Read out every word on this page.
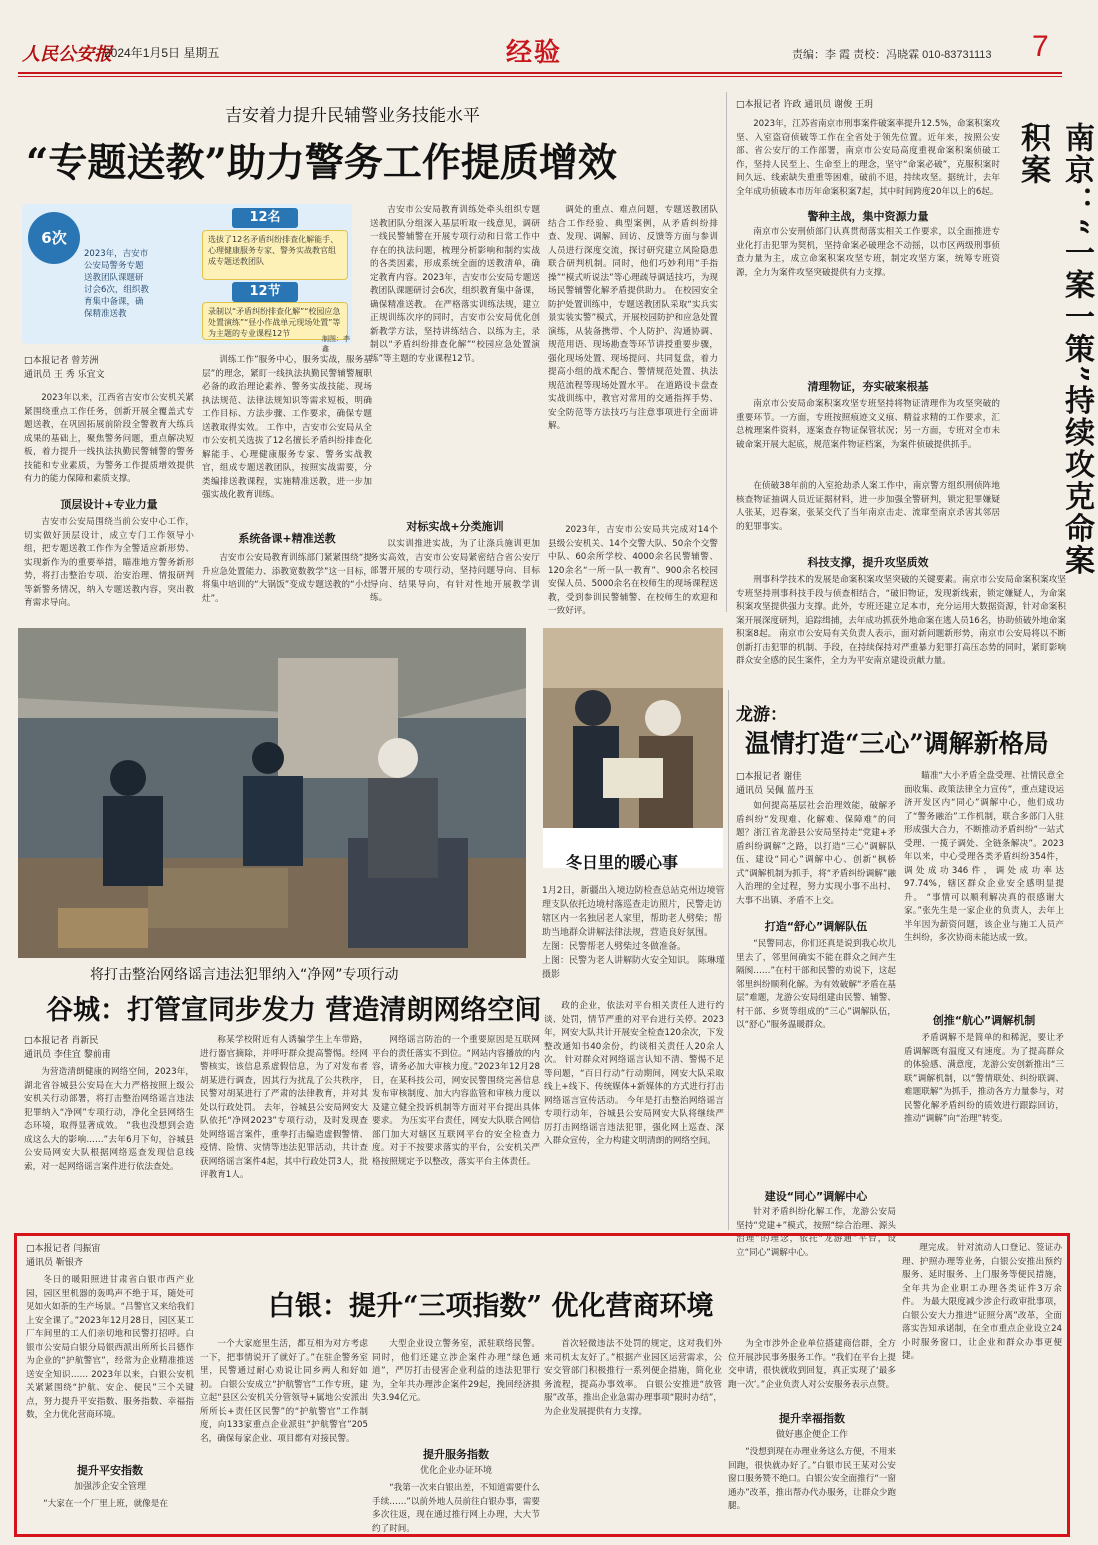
人民公安报
2024年1月5日 星期五	经验	责编：李 霞 责校：冯晓霖 010-83731113 7
吉安着力提升民辅警业务技能水平
“专题送教”助力警务工作提质增效
6次
2023年，吉安市公安局警务专题送教团队课题研讨会6次，组织教育集中备课，确保精准送教
12名
选拔了12名矛盾纠纷排查化解能手、心理健康服务专家、警务实战教官组成专题送教团队
12节
录制以“矛盾纠纷排查化解”“校园应急处置演练”“昼小作战单元现场处置”等为主题的专业课程12节
制图：李鑫
□本报记者 曾芳洲
通讯员 王 秀 乐宜文

2023年以来，江西省吉安市公安机关紧紧围绕重点工作任务，创新开展全覆盖式专题送教，在巩固拓展前阶段全警教育大练兵成果的基础上，聚焦警务问题，重点解决短板，着力提升一线执法执勤民警辅警的警务技能和专业素质，为警务工作提质增效提供有力的能力保障和素质支撑。

顶层设计+专业力量

吉安市公安局围绕当前公安中心工作，切实做好顶层设计，成立专门工作领导小组，把专题送教工作作为全警适应新形势、实现新作为的重要举措，瞄准地方警务新形势，将打击整治专项、治安治理、情报研判等新警务情况，纳入专题送教内容，突出教育需求导向。

训练工作”服务中心，服务实战，服务基层”的理念，紧盯一线执法执勤民警辅警履职必备的政治理论素养、警务实战技能、现场执法规范、法律法规知识等需求短板，明确工作目标、方法步骤、工作要求，确保专题送教取得实效。 工作中，吉安市公安局从全市公安机关选拔了12名擅长矛盾纠纷排查化解能手、心理健康服务专家、警务实战教官，组成专题送教团队，按照实战需要，分类编排送教课程，实施精准送教，进一步加强实战化教育训练。

系统备课+精准送教

吉安市公安局教育训练部门紧紧围绕“提升应急处置能力、添教宽数教学”这一目标，将集中培训的“大锅饭”变成专题送教的“小灶灶”。

吉安市公安局教育训练处牵头组织专题送教团队分组深入基层听取一线意见，调研一线民警辅警在开展专项行动和日常工作中存在的执法问题，梳理分析影响和制约实战的各类因素，形成系统全面的送教清单，确定教育内容。2023年，吉安市公安局专题送教团队课题研讨会6次，组织教育集中备课，确保精准送教。 在严格落实训练法规，建立正规训练次序的同时，吉安市公安局优化创新教学方法，坚持讲练结合、以练为主，录制以“矛盾纠纷排查化解”“校园应急处置演练”等主题的专业课程12节。

对标实战+分类施训

以实训推进实战，为了让涤兵施训更加务实高效，吉安市公安局紧密结合省公安厅部署开展的专项行动，坚持问题导向、目标导向、结果导向，有针对性地开展教学训练。

调处的重点、难点问题，专题送教团队结合工作经验、典型案例，从矛盾纠纷排查、发现、调解、回访、反馈等方面与参训人员进行深度交流，探讨研究建立风险隐患联合研判机制。同时，他们巧妙利用“手指操”“模式听说法”等心理疏导调适技巧，为现场民警辅警化解矛盾提供助力。 在校园安全防护处置训练中，专题送教团队采取“实兵实景实装实警”模式，开展校园防护和应急处置演练，从装备携带、个人防护、沟通协调、规范用语、现场勘查等环节讲授重要步骤，强化现场处置、现场提问、共同复盘，着力提高小组的战术配合、警情规范处置、执法规范流程等现场处置水平。 在道路设卡盘查实战训练中，教官对常用的交通指挥手势、安全防范等方法技巧与注意事项进行全面讲解。

2023年，吉安市公安局共完成对14个县级公安机关、14个交警大队、50余个交警中队、60余所学校、4000余名民警辅警、120余名“一所一队一教育”、900余名校园安保人员、5000余名在校师生的现场课程送教，受到参训民警辅警、在校师生的欢迎和一致好评。

□本报记者 许政 通讯员 谢俊 王玥
南京：“一案一策”持续攻克命案积案

2023年，江苏省南京市刑事案件破案率提升12.5%，命案积案攻坚、入室盗窃侦破等工作在全省处于领先位置。近年来，按照公安部、省公安厅的工作部署，南京市公安局高度重视命案积案侦破工作，坚持人民至上、生命至上的理念，坚守“命案必破”，克服积案时间久远、线索缺失重重等困难，破前不退，持续攻坚。据统计，去年全年成功侦破本市历年命案积案7起，其中时间跨度20年以上的6起。

警种主战，集中资源力量

南京市公安刑侦部门认真贯彻落实相关工作要求，以全面推进专业化打击犯罪为契机，坚持命案必破理念不动摇，以市区两级刑事侦查力量为主，成立命案积案攻坚专班，制定攻坚方案，统筹专班资源，全力为案件攻坚突破提供有力支撑。

清理物证，夯实破案根基

南京市公安局命案积案攻坚专班坚持将物证清理作为攻坚突破的重要环节。一方面，专班按照痕迹文义痕、精益求精的工作要求，汇总梳理案件资料，逐案查存物证保管状况；另一方面，专班对全市未破命案开展大起底，规范案件物证档案，为案件侦破提供抓手。

在侦破38年前的入室抢劫杀人案工作中，南京警方组织刑侦阵地核查物证抽调人员近证据材料，进一步加强全警研判，锁定犯罪嫌疑人张某，迟春案，张某交代了当年南京击走、流窜至南京杀害其邻居的犯罪事实。

科技支撑，提升攻坚质效

刑事科学技术的发展是命案积案攻坚突破的关键要素。南京市公安局命案积案攻坚专班坚持刑事科技手段与侦查相结合，“破旧物证，发现新线索，锁定嫌疑人，为命案积案攻坚提供强力支撑。此外，专班还建立足本市，充分运用大数据资源，针对命案积案开展深度研判，追踪缉捕，去年成功抓获外地命案在逃人员16名，协助侦破外地命案积案8起。 南京市公安局有关负责人表示，面对新问题新形势，南京市公安局将以不断创新打击犯罪的机制、手段，在持续保持对严重暴力犯罪打高压态势的同时，紧盯影响群众安全感的民生案件，全力为平安南京建设贡献力量。

冬日里的暖心事
1月2日，新疆出入境边防检查总站克州边境管理支队依托边境村落巡查走访照片，民警走访辖区内一名独居老人家里，帮助老人劈柴；帮助当地群众讲解法律法规，营造良好氛围。
左图：民警帮老人劈柴过冬做准备。
上图：民警为老人讲解防火安全知识。 陈琳瑾 摄影
龙游：
温情打造“三心”调解新格局
□本报记者 谢佳
通讯员 吴佩 蓝丹玉

如何提高基层社会治理效能，破解矛盾纠纷“发现难、化解难、保障难”的问题？浙江省龙游县公安局坚持走“党建+矛盾纠纷调解”之路，以打造“三心”调解队伍、建设“同心”调解中心、创新“枫桥式”调解机制为抓手，将“矛盾纠纷调解”融入治理的全过程，努力实现小事不出村、大事不出镇、矛盾不上交。

打造“舒心”调解队伍

“民警同志，你们还真是说到我心坎儿里去了，邻里间确实不能在群众之间产生隔阂……”在村干部和民警的劝说下，这起邻里纠纷顺利化解。为有效破解“矛盾在基层”难题，龙游公安局组建由民警、辅警、村干部、乡贤等组成的“三心”调解队伍，以“舒心”服务温暖群众。

建设“同心”调解中心

针对矛盾纠纷化解工作，龙游公安局坚持“党建+”模式，按照“综合治理、源头治理”的理念，依托“龙游通”平台，设立“同心”调解中心。

瞄准“大小矛盾全盘受理、社情民意全面收集、政策法律全力宣传”，重点建设运济开发区内“同心”调解中心，他们成功了“警务融治”工作机制，联合多部门入驻形成强大合力，不断推动矛盾纠纷“一站式受理、一揽子调处、全链条解决”。2023年以来，中心受理各类矛盾纠纷354件，调处成功346件，调处成功率达97.74%，辖区群众企业安全感明显提升。 “事情可以顺利解决真的很感谢大家。”张先生是一家企业的负责人，去年上半年因为薪资问题，该企业与施工人员产生纠纷，多次协商未能达成一致。

创推“航心”调解机制

矛盾调解不是简单的和稀泥，要让矛盾调解既有温度又有速度。为了提高群众的体验感、满意度，龙游公安创新推出“三联”调解机制，以“警情联处、纠纷联调、难题联解”为抓手，推动各方力量参与，对民警化解矛盾纠纷的质效进行跟踪回访，推动“调解”向“治理”转变。

将打击整治网络谣言违法犯罪纳入“净网”专项行动
谷城：打管宣同步发力 营造清朗网络空间
□本报记者 肖新民
通讯员 李佳宜 黎前甫

为营造清朗健康的网络空间，2023年，湖北省谷城县公安局在大力严格按照上级公安机关行动部署，将打击整治网络谣言违法犯罪纳入“净网”专项行动，净化全县网络生态环境，取得显著成效。 “我也没想到会造成这么大的影响……”去年6月下旬，谷城县公安局网安大队根据网络巡查发现信息线索，对一起网络谣言案件进行依法查处。

称某学校附近有人诱骗学生上车带路，进行器官摘除，并呼吁群众提高警惕。经网警核实，该信息系虚假信息，为了对发布者胡某进行调查，因其行为扰乱了公共秩序，民警对胡某进行了严肃的法律教育，并对其处以行政处罚。 去年，谷城县公安局网安大队依托“净网2023”专项行动，及时发现查处网络谣言案件，重拳打击编造虚假警情、疫情、险情、灾情等违法犯罪活动，共计查获网络谣言案件4起，其中行政处罚3人，批评教育1人。

网络谣言防治的一个重要原因是互联网平台的责任落实不到位。“网站内容播放的内容，请务必加大审核力度。”2023年12月28日，在某科技公司，网安民警围绕完善信息发布审核制度、加大内容监管和审核力度以及建立健全投诉机制等方面对平台提出具体要求。 为压实平台责任，网安大队联合网信部门加大对辖区互联网平台的安全检查力度。对于不按要求落实的平台，公安机关严格按照规定予以整改，落实平台主体责任。

政的企业，依法对平台相关责任人进行约谈、处罚，情节严重的对平台进行关停。2023年，网安大队共计开展安全检查120余次，下发整改通知书40余份，约谈相关责任人20余人次。 针对群众对网络谣言认知不清、警惕不足等问题，“百日行动”行动期间，网安大队采取线上+线下、传统媒体+新媒体的方式进行打击网络谣言宣传活动。 今年是打击整治网络谣言专项行动年，谷城县公安局网安大队将继续严厉打击网络谣言违法犯罪，强化网上巡查、深入群众宣传，全力构建文明清朗的网络空间。

□本报记者 闫振宙
通讯员 靳银齐
白银：提升“三项指数” 优化营商环境

冬日的暖阳照进甘肃省白银市西产业园，园区里机器的轰鸣声不绝于耳，随处可见如火如荼的生产场景。“吕警官又来给我们上安全课了。”2023年12月28日，园区某工厂车间里的工人们亲切地和民警打招呼。白银市公安局白银分局银西派出所所长吕德作为企业的“护航警官”，经常为企业精准推送送安全知识…… 2023年以来，白银公安机关紧紧围绕“护航、安企、便民”三个关键点，努力提升平安指数、服务指数、幸福指数，全力优化营商环境。

提升平安指数
加强涉企安全管理

“大家在一个厂里上班，就像是在

一个大家庭里生活，都互相为对方考虑一下，把事情说开了就好了。”在驻企警务室里，民警通过耐心劝说让同乡两人和好如初。 白银公安成立“护航警官”工作专班，建立起“县区公安机关分管领导+属地公安派出所所长+责任区民警”的“护航警官”工作制度，向133家重点企业派驻“护航警官”205名，确保每家企业、项目都有对接民警。

大型企业设立警务室，派驻联络民警。同时，他们还建立涉企案件办理“绿色通道”，严厉打击侵害企业利益的违法犯罪行为，全年共办理涉企案件29起，挽回经济损失3.94亿元。

提升服务指数
优化企业办证环境

“我第一次来白银出差，不知道需要什么手续……”以前外地人员前往白银办事，需要多次往返，现在通过推行网上办理，大大节约了时间。

首次轻微违法不处罚的规定，这对我们外来司机太友好了。”根据产业园区运营需求，公安交管部门积极推行一系列便企措施，简化业务流程，提高办事效率。 白银公安推进“放管服”改革，推出企业急需办理事项“限时办结”，为企业发展提供有力支撑。

为全市涉外企业单位搭建商信群，全方位开展涉民事务服务工作。“我们在平台上提交申请，很快就收到回复，真正实现了‘最多跑一次’。”企业负责人对公安服务表示点赞。

提升幸福指数
做好惠企便企工作

“没想到现在办理业务这么方便，不用来回跑，很快就办好了。”白银市民王某对公安窗口服务赞不绝口。白银公安全面推行“一窗通办”改革，推出帮办代办服务，让群众少跑腿。

理完成。 针对流动人口登记、签证办理、护照办理等业务，白银公安推出预约服务、延时服务、上门服务等便民措施，全年共为企业职工办理各类证件3万余件。 为最大限度减少涉企行政审批事项，白银公安大力推进“证照分离”改革，全面落实告知承诺制，在全市重点企业设立24小时服务窗口，让企业和群众办事更便捷。
